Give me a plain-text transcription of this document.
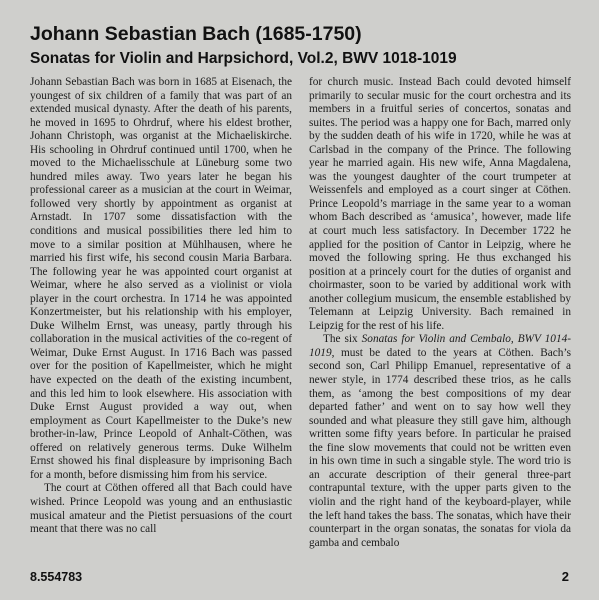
Johann Sebastian Bach (1685-1750)
Sonatas for Violin and Harpsichord, Vol.2, BWV 1018-1019

Johann Sebastian Bach was born in 1685 at Eisenach, the youngest of six children of a family that was part of an extended musical dynasty. After the death of his parents, he moved in 1695 to Ohrdruf, where his eldest brother, Johann Christoph, was organist at the Michaeliskirche. His schooling in Ohrdruf continued until 1700, when he moved to the Michaelisschule at Lüneburg some two hundred miles away. Two years later he began his professional career as a musician at the court in Weimar, followed very shortly by appointment as organist at Arnstadt. In 1707 some dissatisfaction with the conditions and musical possibilities there led him to move to a similar position at Mühlhausen, where he married his first wife, his second cousin Maria Barbara. The following year he was appointed court organist at Weimar, where he also served as a violinist or viola player in the court orchestra. In 1714 he was appointed Konzertmeister, but his relationship with his employer, Duke Wilhelm Ernst, was uneasy, partly through his collaboration in the musical activities of the co-regent of Weimar, Duke Ernst August. In 1716 Bach was passed over for the position of Kapellmeister, which he might have expected on the death of the existing incumbent, and this led him to look elsewhere. His association with Duke Ernst August provided a way out, when employment as Court Kapellmeister to the Duke’s new brother-in-law, Prince Leopold of Anhalt-Cöthen, was offered on relatively generous terms. Duke Wilhelm Ernst showed his final displeasure by imprisoning Bach for a month, before dismissing him from his service.

The court at Cöthen offered all that Bach could have wished. Prince Leopold was young and an enthusiastic musical amateur and the Pietist persuasions of the court meant that there was no call

for church music. Instead Bach could devoted himself primarily to secular music for the court orchestra and its members in a fruitful series of concertos, sonatas and suites. The period was a happy one for Bach, marred only by the sudden death of his wife in 1720, while he was at Carlsbad in the company of the Prince. The following year he married again. His new wife, Anna Magdalena, was the youngest daughter of the court trumpeter at Weissenfels and employed as a court singer at Cöthen. Prince Leopold’s marriage in the same year to a woman whom Bach described as ‘amusica’, however, made life at court much less satisfactory. In December 1722 he applied for the position of Cantor in Leipzig, where he moved the following spring. He thus exchanged his position at a princely court for the duties of organist and choirmaster, soon to be varied by additional work with another collegium musicum, the ensemble established by Telemann at Leipzig University. Bach remained in Leipzig for the rest of his life.

The six Sonatas for Violin and Cembalo, BWV 1014-1019, must be dated to the years at Cöthen. Bach’s second son, Carl Philipp Emanuel, representative of a newer style, in 1774 described these trios, as he calls them, as ‘among the best compositions of my dear departed father’ and went on to say how well they sounded and what pleasure they still gave him, although written some fifty years before. In particular he praised the fine slow movements that could not be written even in his own time in such a singable style. The word trio is an accurate description of their general three-part contrapuntal texture, with the upper parts given to the violin and the right hand of the keyboard-player, while the left hand takes the bass. The sonatas, which have their counterpart in the organ sonatas, the sonatas for viola da gamba and cembalo

8.554783	2
